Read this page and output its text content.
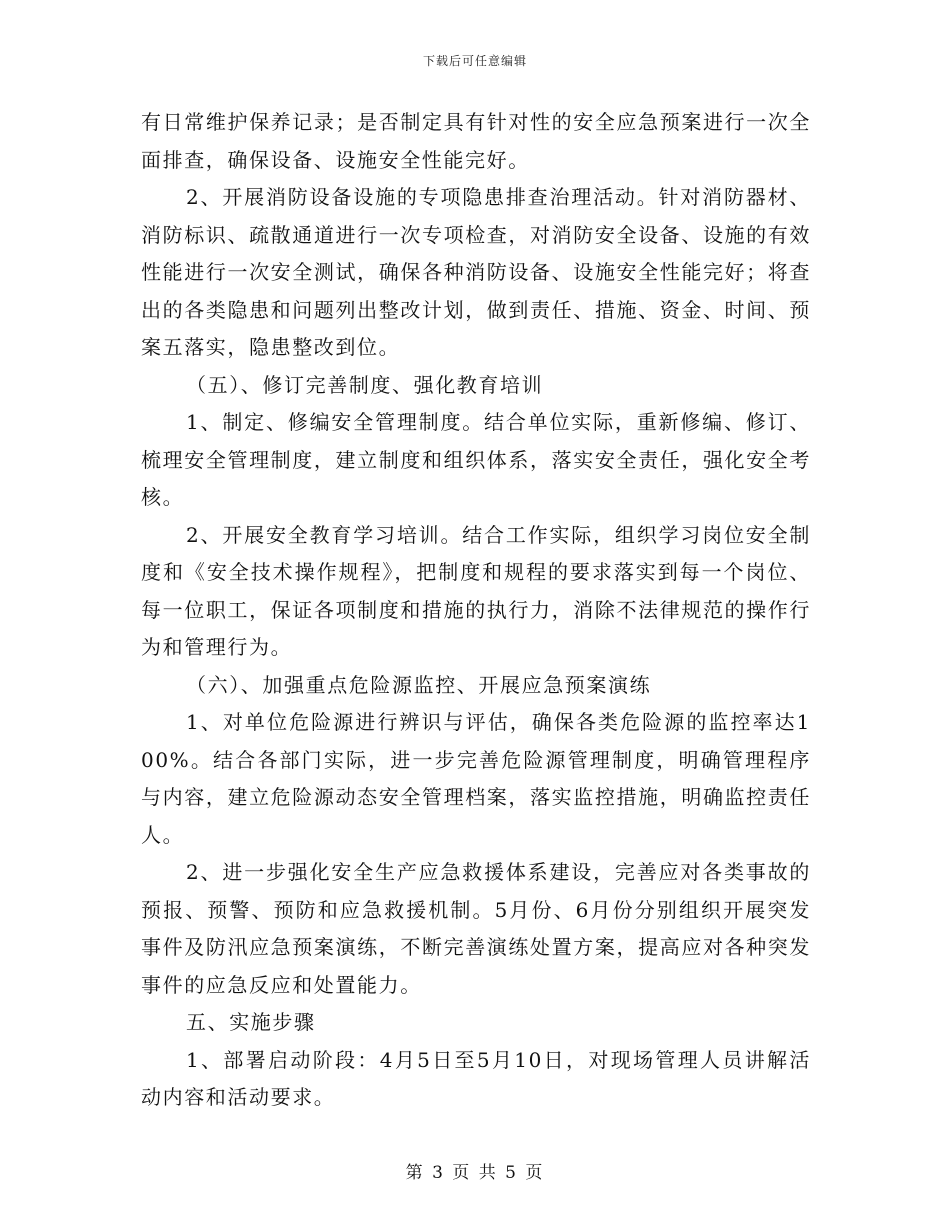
下载后可任意编辑

有日常维护保养记录；是否制定具有针对性的安全应急预案进行一次全面排查，确保设备、设施安全性能完好。

2、开展消防设备设施的专项隐患排查治理活动。针对消防器材、消防标识、疏散通道进行一次专项检查，对消防安全设备、设施的有效性能进行一次安全测试，确保各种消防设备、设施安全性能完好；将查出的各类隐患和问题列出整改计划，做到责任、措施、资金、时间、预案五落实，隐患整改到位。

（五）、修订完善制度、强化教育培训

1、制定、修编安全管理制度。结合单位实际，重新修编、修订、梳理安全管理制度，建立制度和组织体系，落实安全责任，强化安全考核。

2、开展安全教育学习培训。结合工作实际，组织学习岗位安全制度和《安全技术操作规程》，把制度和规程的要求落实到每一个岗位、每一位职工，保证各项制度和措施的执行力，消除不法律规范的操作行为和管理行为。

（六）、加强重点危险源监控、开展应急预案演练

1、对单位危险源进行辨识与评估，确保各类危险源的监控率达100%。结合各部门实际，进一步完善危险源管理制度，明确管理程序与内容，建立危险源动态安全管理档案，落实监控措施，明确监控责任人。

2、进一步强化安全生产应急救援体系建设，完善应对各类事故的预报、预警、预防和应急救援机制。5月份、6月份分别组织开展突发事件及防汛应急预案演练，不断完善演练处置方案，提高应对各种突发事件的应急反应和处置能力。

五、实施步骤

1、部署启动阶段：4月5日至5月10日，对现场管理人员讲解活动内容和活动要求。

第 3 页 共 5 页
